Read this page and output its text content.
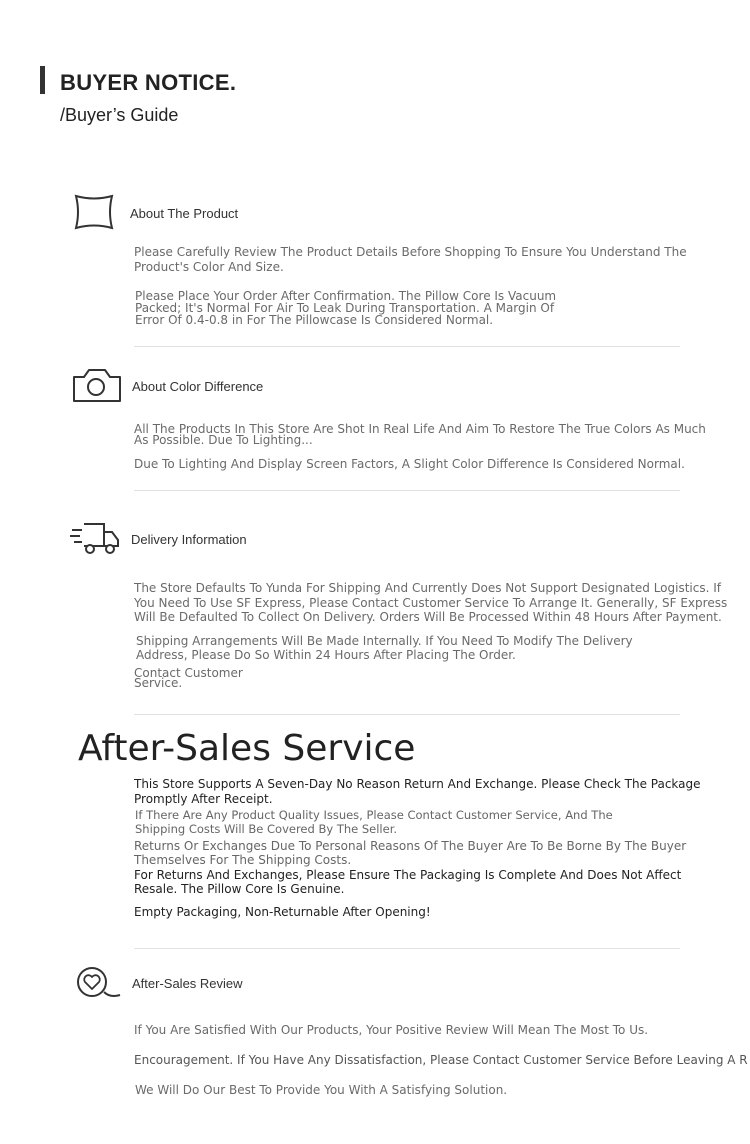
BUYER NOTICE.
/Buyer’s Guide
About The Product
Please Carefully Review The Product Details Before Shopping To Ensure You Understand The Product's Color And Size.
Please Place Your Order After Confirmation. The Pillow Core Is Vacuum Packed; It's Normal For Air To Leak During Transportation. A Margin Of Error Of 0.4-0.8 in For The Pillowcase Is Considered Normal.
About Color Difference
All The Products In This Store Are Shot In Real Life And Aim To Restore The True Colors As Much As Possible. Due To Lighting...
Due To Lighting And Display Screen Factors, A Slight Color Difference Is Considered Normal.
Delivery Information
The Store Defaults To Yunda For Shipping And Currently Does Not Support Designated Logistics. If You Need To Use SF Express, Please Contact Customer Service To Arrange It. Generally, SF Express Will Be Defaulted To Collect On Delivery. Orders Will Be Processed Within 48 Hours After Payment.
Shipping Arrangements Will Be Made Internally. If You Need To Modify The Delivery Address, Please Do So Within 24 Hours After Placing The Order.
Contact Customer Service.
After-Sales Service
This Store Supports A Seven-Day No Reason Return And Exchange. Please Check The Package Promptly After Receipt.
If There Are Any Product Quality Issues, Please Contact Customer Service, And The Shipping Costs Will Be Covered By The Seller.
Returns Or Exchanges Due To Personal Reasons Of The Buyer Are To Be Borne By The Buyer Themselves For The Shipping Costs.
For Returns And Exchanges, Please Ensure The Packaging Is Complete And Does Not Affect Resale. The Pillow Core Is Genuine.
Empty Packaging, Non-Returnable After Opening!
After-Sales Review
If You Are Satisfied With Our Products, Your Positive Review Will Mean The Most To Us.
Encouragement. If You Have Any Dissatisfaction, Please Contact Customer Service Before Leaving A R
We Will Do Our Best To Provide You With A Satisfying Solution.
